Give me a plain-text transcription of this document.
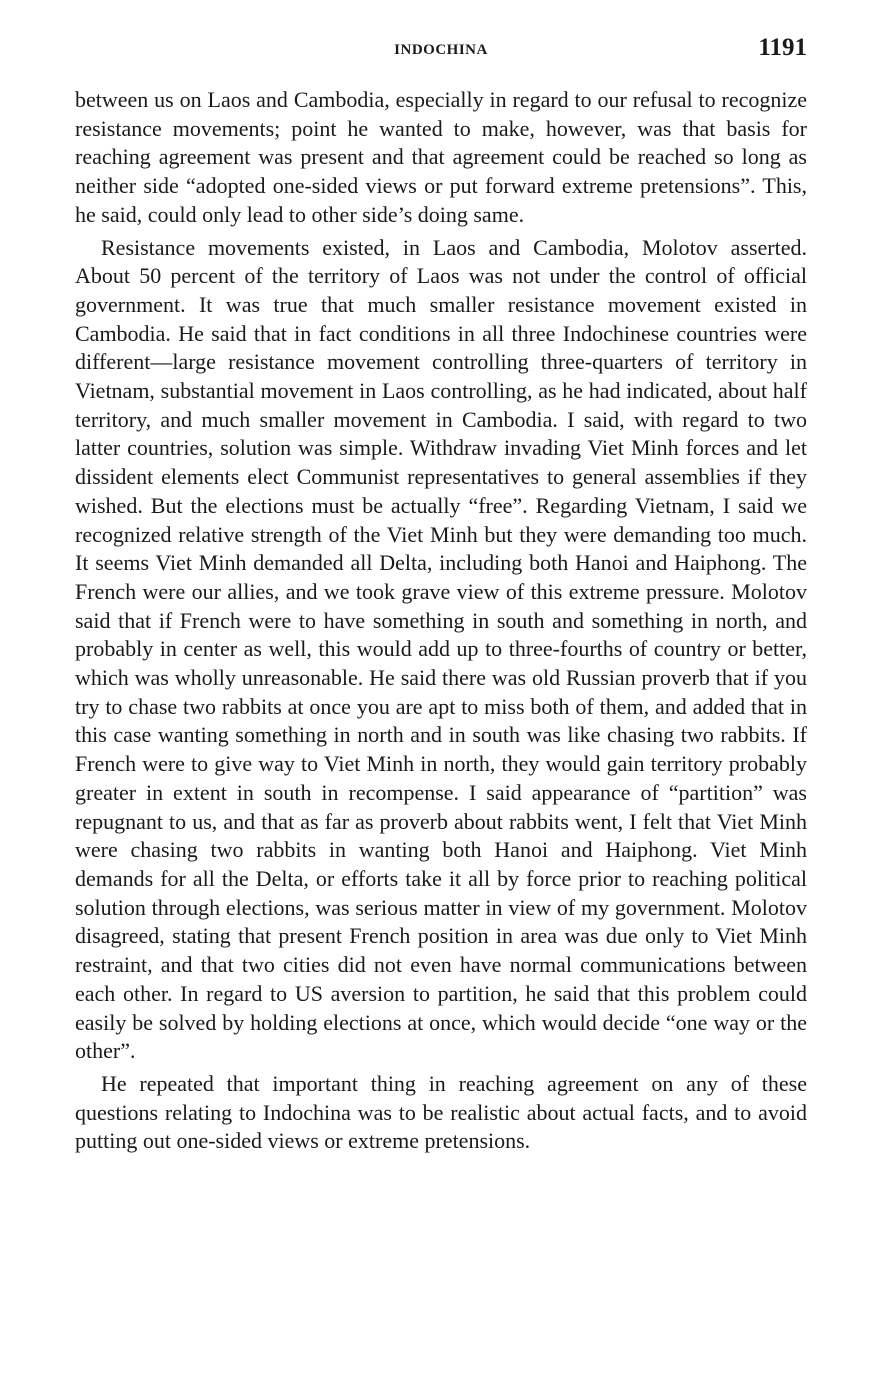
INDOCHINA	1191

between us on Laos and Cambodia, especially in regard to our refusal to recognize resistance movements; point he wanted to make, however, was that basis for reaching agreement was present and that agreement could be reached so long as neither side “adopted one-sided views or put forward extreme pretensions”. This, he said, could only lead to other side’s doing same.

Resistance movements existed, in Laos and Cambodia, Molotov asserted. About 50 percent of the territory of Laos was not under the control of official government. It was true that much smaller resistance movement existed in Cambodia. He said that in fact conditions in all three Indochinese countries were different—large resistance movement controlling three-quarters of territory in Vietnam, substantial movement in Laos controlling, as he had indicated, about half territory, and much smaller movement in Cambodia. I said, with regard to two latter countries, solution was simple. Withdraw invading Viet Minh forces and let dissident elements elect Communist representatives to general assemblies if they wished. But the elections must be actually “free”. Regarding Vietnam, I said we recognized relative strength of the Viet Minh but they were demanding too much. It seems Viet Minh demanded all Delta, including both Hanoi and Haiphong. The French were our allies, and we took grave view of this extreme pressure. Molotov said that if French were to have something in south and something in north, and probably in center as well, this would add up to three-fourths of country or better, which was wholly unreasonable. He said there was old Russian proverb that if you try to chase two rabbits at once you are apt to miss both of them, and added that in this case wanting something in north and in south was like chasing two rabbits. If French were to give way to Viet Minh in north, they would gain territory probably greater in extent in south in recompense. I said appearance of “partition” was repugnant to us, and that as far as proverb about rabbits went, I felt that Viet Minh were chasing two rabbits in wanting both Hanoi and Haiphong. Viet Minh demands for all the Delta, or efforts take it all by force prior to reaching political solution through elections, was serious matter in view of my government. Molotov disagreed, stating that present French position in area was due only to Viet Minh restraint, and that two cities did not even have normal communications between each other. In regard to US aversion to partition, he said that this problem could easily be solved by holding elections at once, which would decide “one way or the other”.

He repeated that important thing in reaching agreement on any of these questions relating to Indochina was to be realistic about actual facts, and to avoid putting out one-sided views or extreme pretensions.
